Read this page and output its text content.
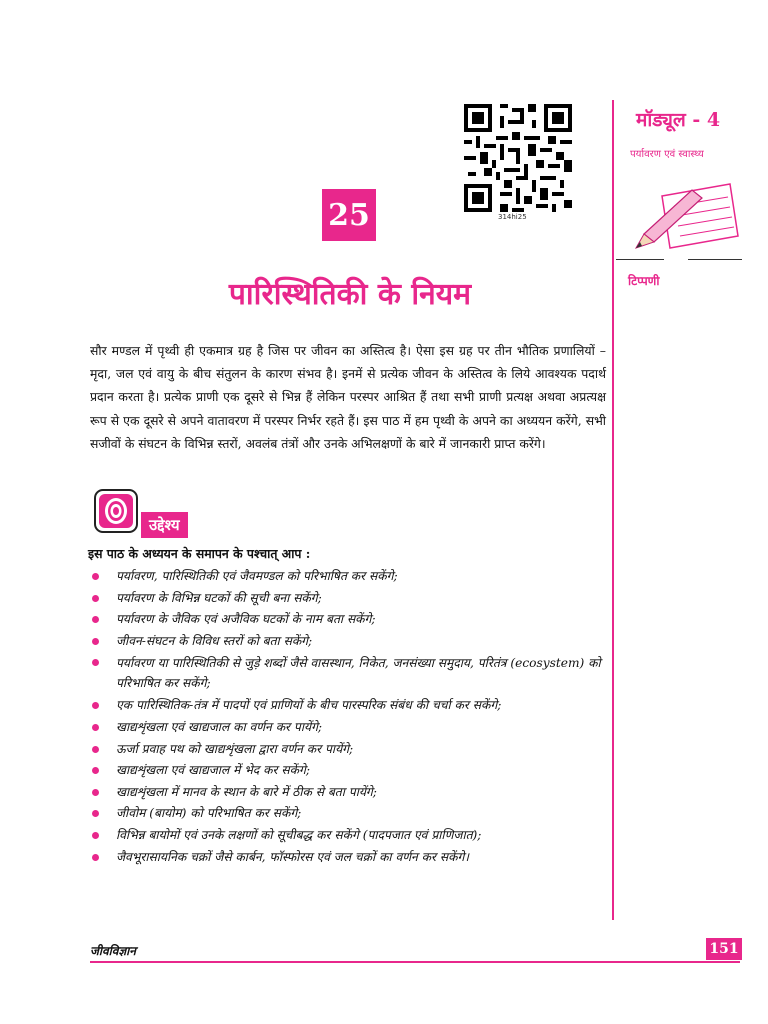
मॉड्यूल - 4
पर्यावरण एवं स्वास्थ्य
टिप्पणी
314hi25
25
पारिस्थितिकी के नियम
सौर मण्डल में पृथ्वी ही एकमात्र ग्रह है जिस पर जीवन का अस्तित्व है। ऐसा इस ग्रह पर तीन भौतिक प्रणालियों – मृदा, जल एवं वायु के बीच संतुलन के कारण संभव है। इनमें से प्रत्येक जीवन के अस्तित्व के लिये आवश्यक पदार्थ प्रदान करता है। प्रत्येक प्राणी एक दूसरे से भिन्न हैं लेकिन परस्पर आश्रित हैं तथा सभी प्राणी प्रत्यक्ष अथवा अप्रत्यक्ष रूप से एक दूसरे से अपने वातावरण में परस्पर निर्भर रहते हैं। इस पाठ में हम पृथ्वी के अपने का अध्ययन करेंगे, सभी सजीवों के संघटन के विभिन्न स्तरों, अवलंब तंत्रों और उनके अभिलक्षणों के बारे में जानकारी प्राप्त करेंगे।
उद्देश्य
इस पाठ के अध्ययन के समापन के पश्चात् आप :
पर्यावरण, पारिस्थितिकी एवं जैवमण्डल को परिभाषित कर सकेंगे;
पर्यावरण के विभिन्न घटकों की सूची बना सकेंगे;
पर्यावरण के जैविक एवं अजैविक घटकों के नाम बता सकेंगे;
जीवन-संघटन के विविध स्तरों को बता सकेंगे;
पर्यावरण या पारिस्थितिकी से जुड़े शब्दों जैसे वासस्थान, निकेत, जनसंख्या समुदाय, परितंत्र (ecosystem) को परिभाषित कर सकेंगे;
एक पारिस्थितिक-तंत्र में पादपों एवं प्राणियों के बीच पारस्परिक संबंध की चर्चा कर सकेंगे;
खाद्यशृंखला एवं खाद्यजाल का वर्णन कर पायेंगे;
ऊर्जा प्रवाह पथ को खाद्यशृंखला द्वारा वर्णन कर पायेंगे;
खाद्यशृंखला एवं खाद्यजाल में भेद कर सकेंगे;
खाद्यशृंखला में मानव के स्थान के बारे में ठीक से बता पायेंगे;
जीवोम (बायोम) को परिभाषित कर सकेंगे;
विभिन्न बायोमों एवं उनके लक्षणों को सूचीबद्ध कर सकेंगे (पादपजात एवं प्राणिजात);
जैवभूरासायनिक चक्रों जैसे कार्बन, फॉस्फोरस एवं जल चक्रों का वर्णन कर सकेंगे।
जीवविज्ञान	151
